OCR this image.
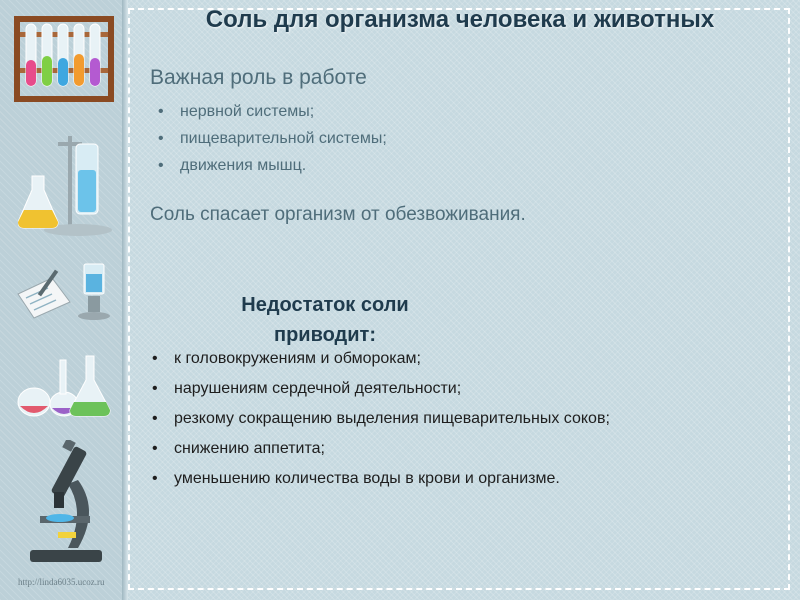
http://linda6035.ucoz.ru
Соль для организма человека и животных
Важная роль в работе
• нервной системы;
• пищеварительной системы;
• движения мышц.
Соль спасает организм от обезвоживания.
Недостаток соли приводит:
• к головокружениям и обморокам;
• нарушениям сердечной деятельности;
• резкому сокращению выделения пищеварительных соков;
• снижению аппетита;
• уменьшению количества воды в крови и организме.
